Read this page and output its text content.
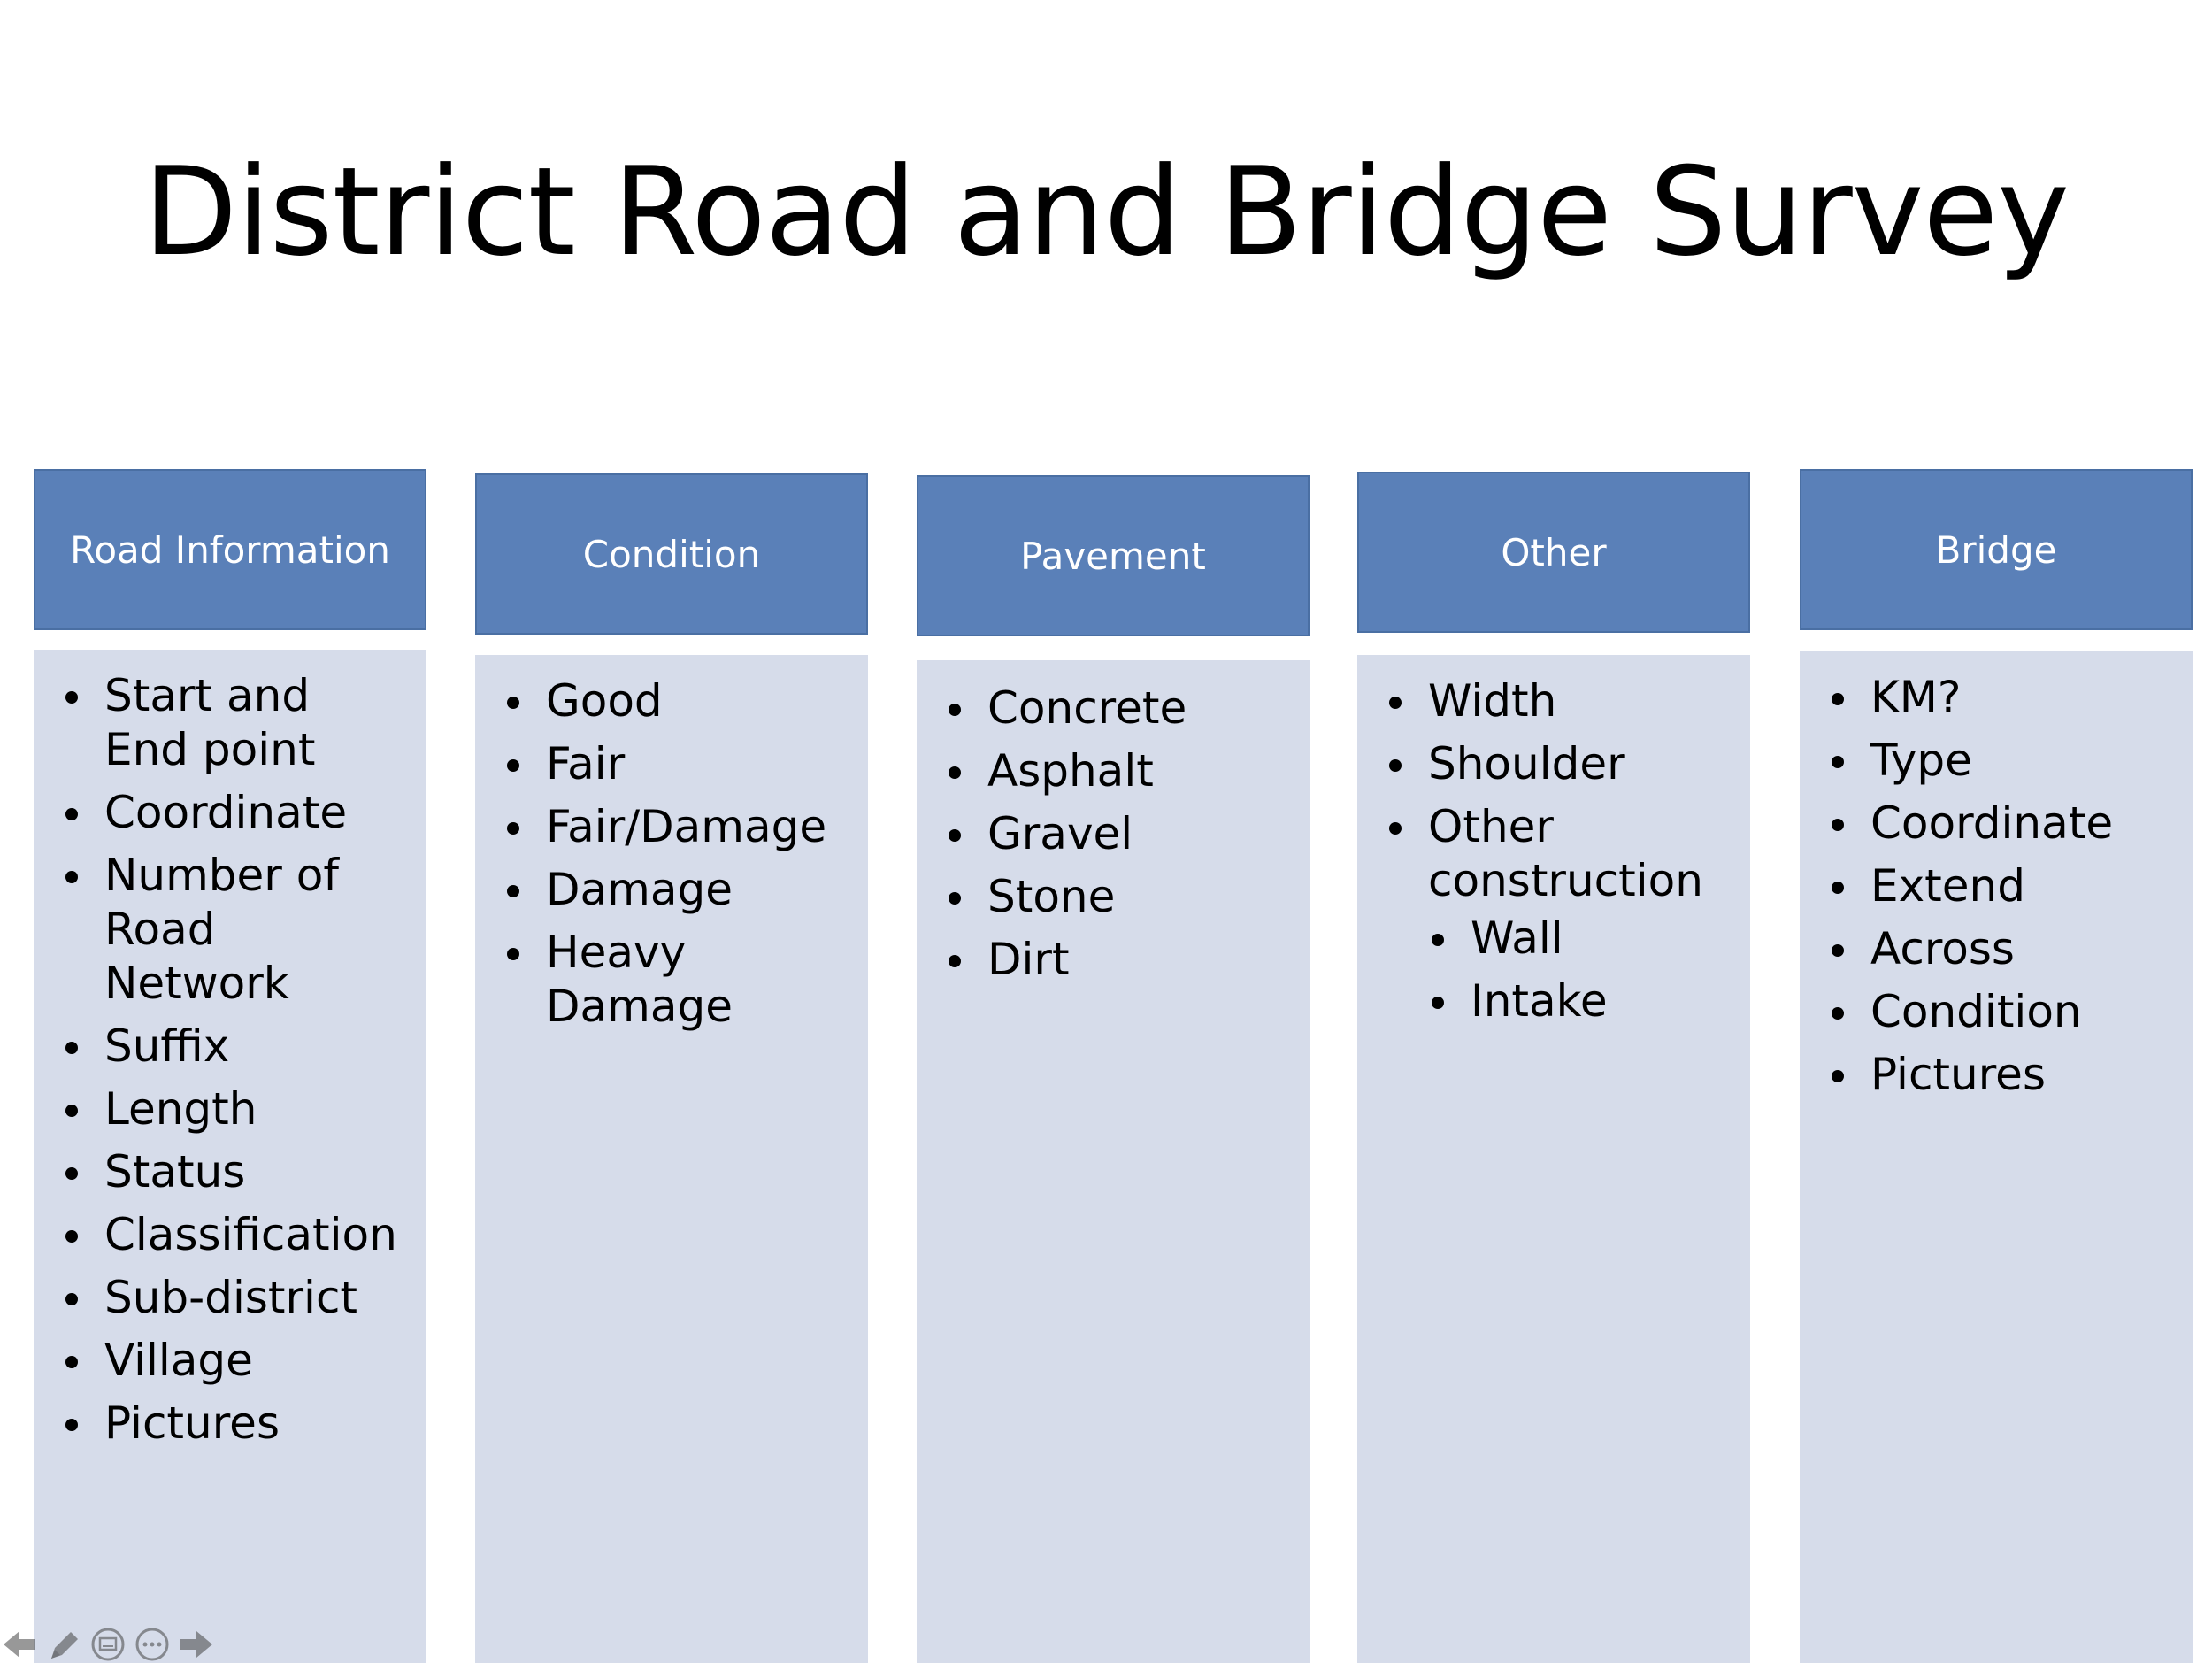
District Road and Bridge Survey
Road Information
Start and End point
Coordinate
Number of Road Network
Suffix
Length
Status
Classification
Sub-district
Village
Pictures
Condition
Good
Fair
Fair/Damage
Damage
Heavy Damage
Pavement
Concrete
Asphalt
Gravel
Stone
Dirt
Other
Width
Shoulder
Other construction
Wall
Intake
Bridge
KM?
Type
Coordinate
Extend
Across
Condition
Pictures
